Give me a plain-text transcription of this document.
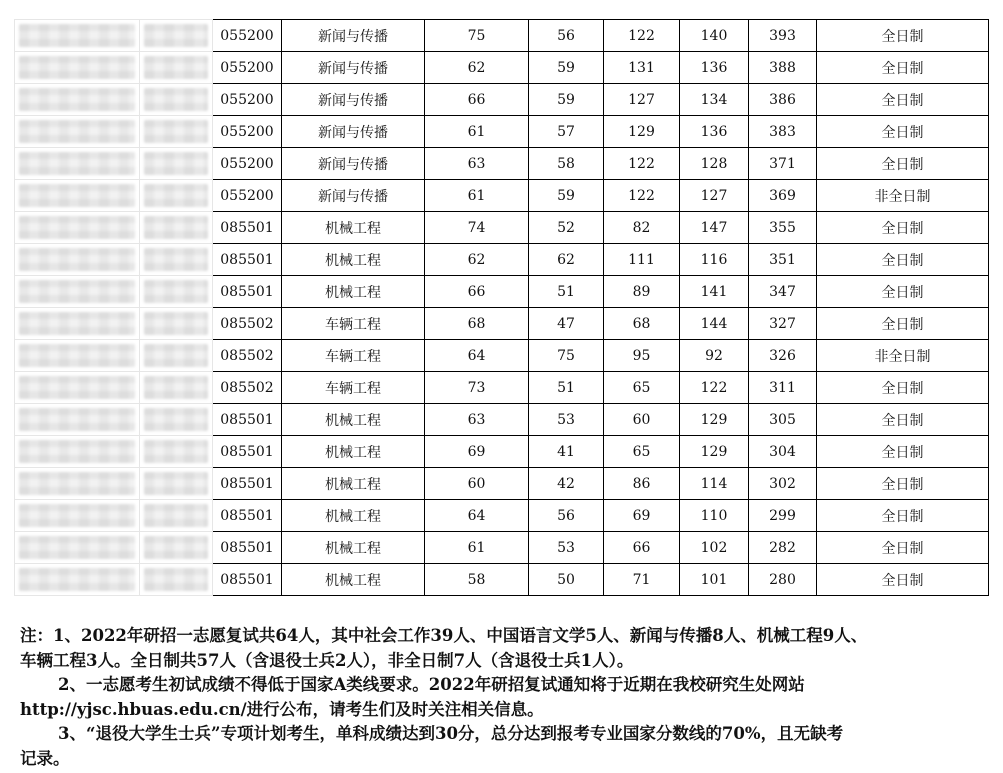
	055200	新闻与传播	75	56	122	140	393	全日制

	055200	新闻与传播	62	59	131	136	388	全日制

	055200	新闻与传播	66	59	127	134	386	全日制

	055200	新闻与传播	61	57	129	136	383	全日制

	055200	新闻与传播	63	58	122	128	371	全日制

	055200	新闻与传播	61	59	122	127	369	非全日制

	085501	机械工程	74	52	82	147	355	全日制

	085501	机械工程	62	62	111	116	351	全日制

	085501	机械工程	66	51	89	141	347	全日制

	085502	车辆工程	68	47	68	144	327	全日制

	085502	车辆工程	64	75	95	92	326	非全日制

	085502	车辆工程	73	51	65	122	311	全日制

	085501	机械工程	63	53	60	129	305	全日制

	085501	机械工程	69	41	65	129	304	全日制

	085501	机械工程	60	42	86	114	302	全日制

	085501	机械工程	64	56	69	110	299	全日制

	085501	机械工程	61	53	66	102	282	全日制

	085501	机械工程	58	50	71	101	280	全日制

注：1、2022年研招一志愿复试共64人，其中社会工作39人、中国语言文学5人、新闻与传播8人、机械工程9人、

车辆工程3人。全日制共57人（含退役士兵2人），非全日制7人（含退役士兵1人）。

2、一志愿考生初试成绩不得低于国家A类线要求。2022年研招复试通知将于近期在我校研究生处网站

http://yjsc.hbuas.edu.cn/进行公布，请考生们及时关注相关信息。

3、“退役大学生士兵”专项计划考生，单科成绩达到30分，总分达到报考专业国家分数线的70%，且无缺考

记录。
